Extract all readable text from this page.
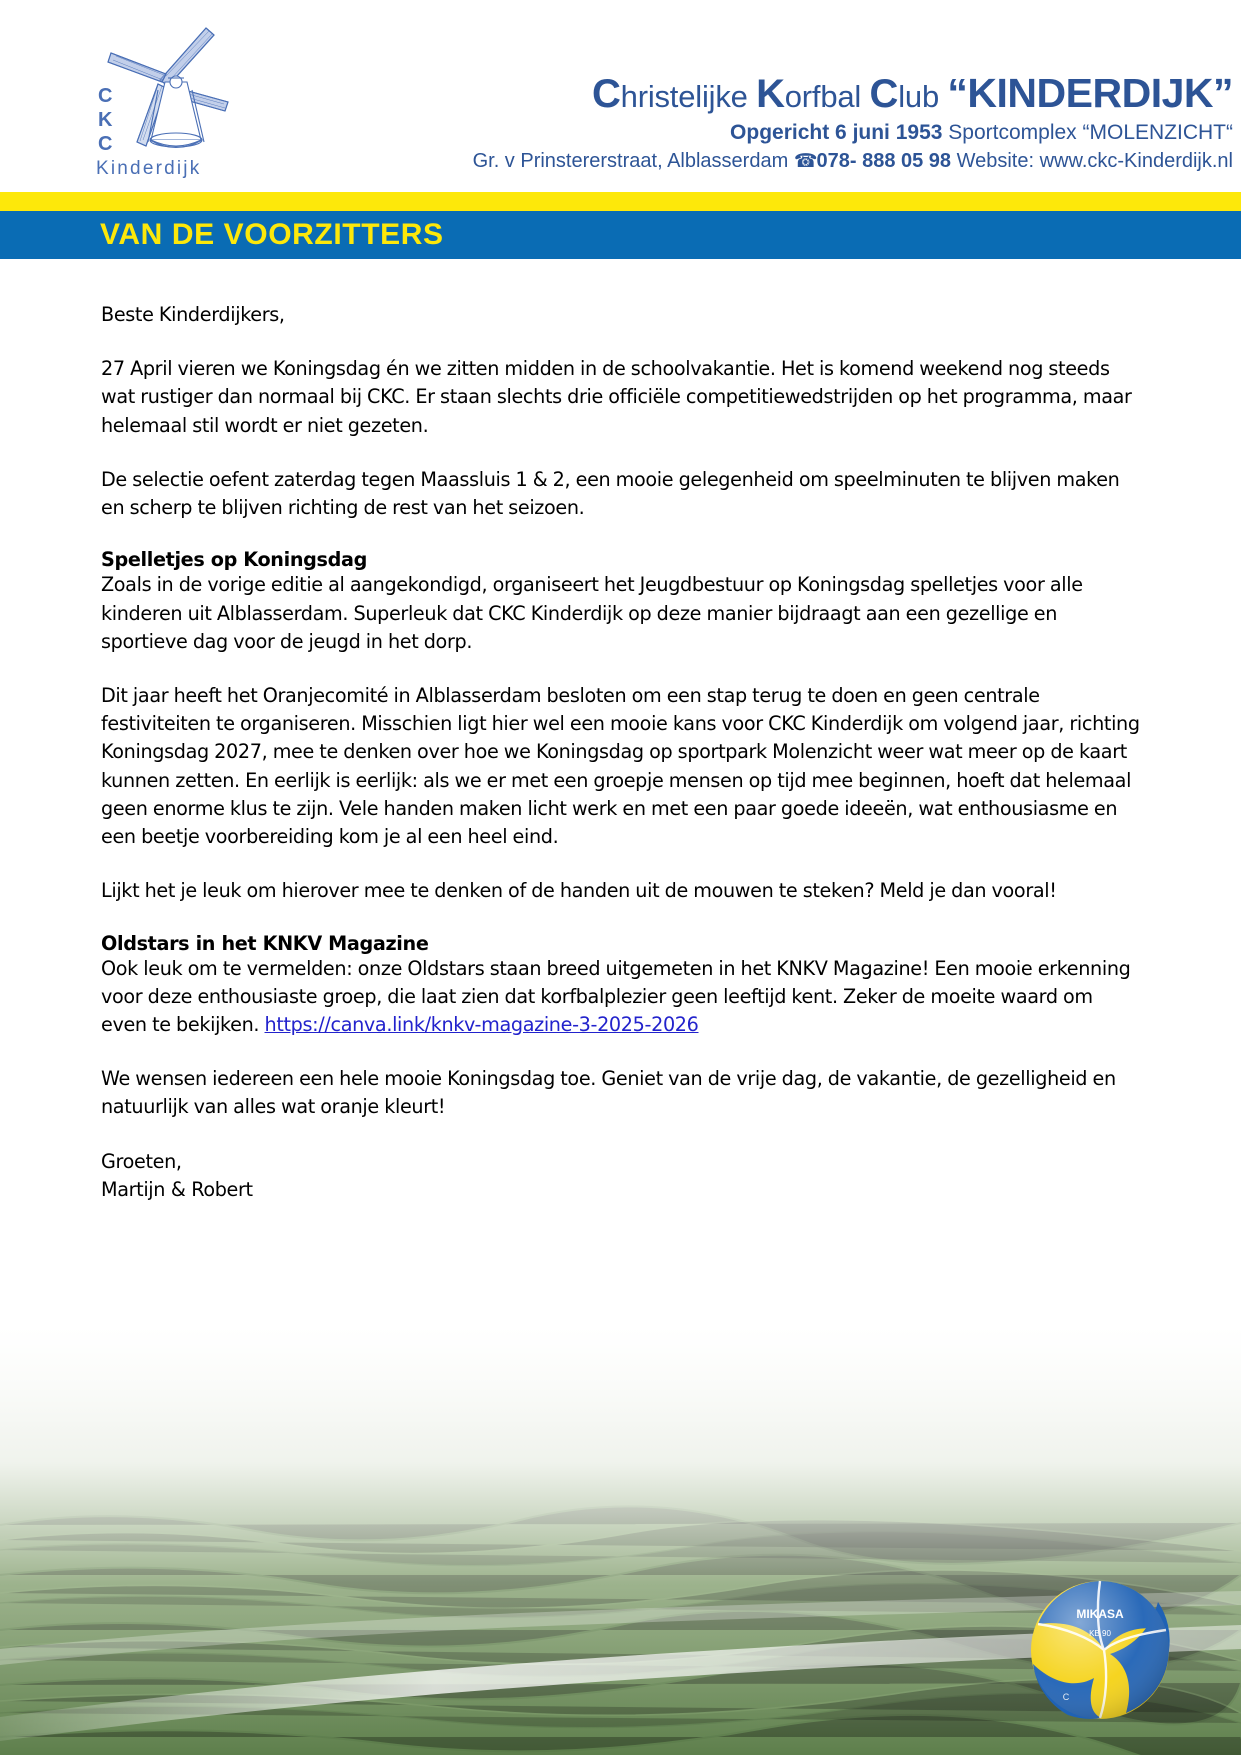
C
K
C
Kinderdijk
Christelijke Korfbal Club “KINDERDIJK”
Opgericht 6 juni 1953 Sportcomplex “MOLENZICHT“
Gr. v Prinstererstraat, Alblasserdam ☎078- 888 05 98 Website: www.ckc-Kinderdijk.nl
VAN DE VOORZITTERS

Beste Kinderdijkers,

27 April vieren we Koningsdag én we zitten midden in de schoolvakantie. Het is komend weekend nog steeds wat rustiger dan normaal bij CKC. Er staan slechts drie officiële competitiewedstrijden op het programma, maar helemaal stil wordt er niet gezeten.

De selectie oefent zaterdag tegen Maassluis 1 & 2, een mooie gelegenheid om speelminuten te blijven maken en scherp te blijven richting de rest van het seizoen.

Spelletjes op Koningsdag

Zoals in de vorige editie al aangekondigd, organiseert het Jeugdbestuur op Koningsdag spelletjes voor alle kinderen uit Alblasserdam. Superleuk dat CKC Kinderdijk op deze manier bijdraagt aan een gezellige en sportieve dag voor de jeugd in het dorp.

Dit jaar heeft het Oranjecomité in Alblasserdam besloten om een stap terug te doen en geen centrale festiviteiten te organiseren. Misschien ligt hier wel een mooie kans voor CKC Kinderdijk om volgend jaar, richting Koningsdag 2027, mee te denken over hoe we Koningsdag op sportpark Molenzicht weer wat meer op de kaart kunnen zetten. En eerlijk is eerlijk: als we er met een groepje mensen op tijd mee beginnen, hoeft dat helemaal geen enorme klus te zijn. Vele handen maken licht werk en met een paar goede ideeën, wat enthousiasme en een beetje voorbereiding kom je al een heel eind.

Lijkt het je leuk om hierover mee te denken of de handen uit de mouwen te steken? Meld je dan vooral!

Oldstars in het KNKV Magazine

Ook leuk om te vermelden: onze Oldstars staan breed uitgemeten in het KNKV Magazine! Een mooie erkenning voor deze enthousiaste groep, die laat zien dat korfbalplezier geen leeftijd kent. Zeker de moeite waard om even te bekijken. https://canva.link/knkv-magazine-3-2025-2026

We wensen iedereen een hele mooie Koningsdag toe. Geniet van de vrije dag, de vakantie, de gezelligheid en natuurlijk van alles wat oranje kleurt!

Groeten,

Martijn & Robert
